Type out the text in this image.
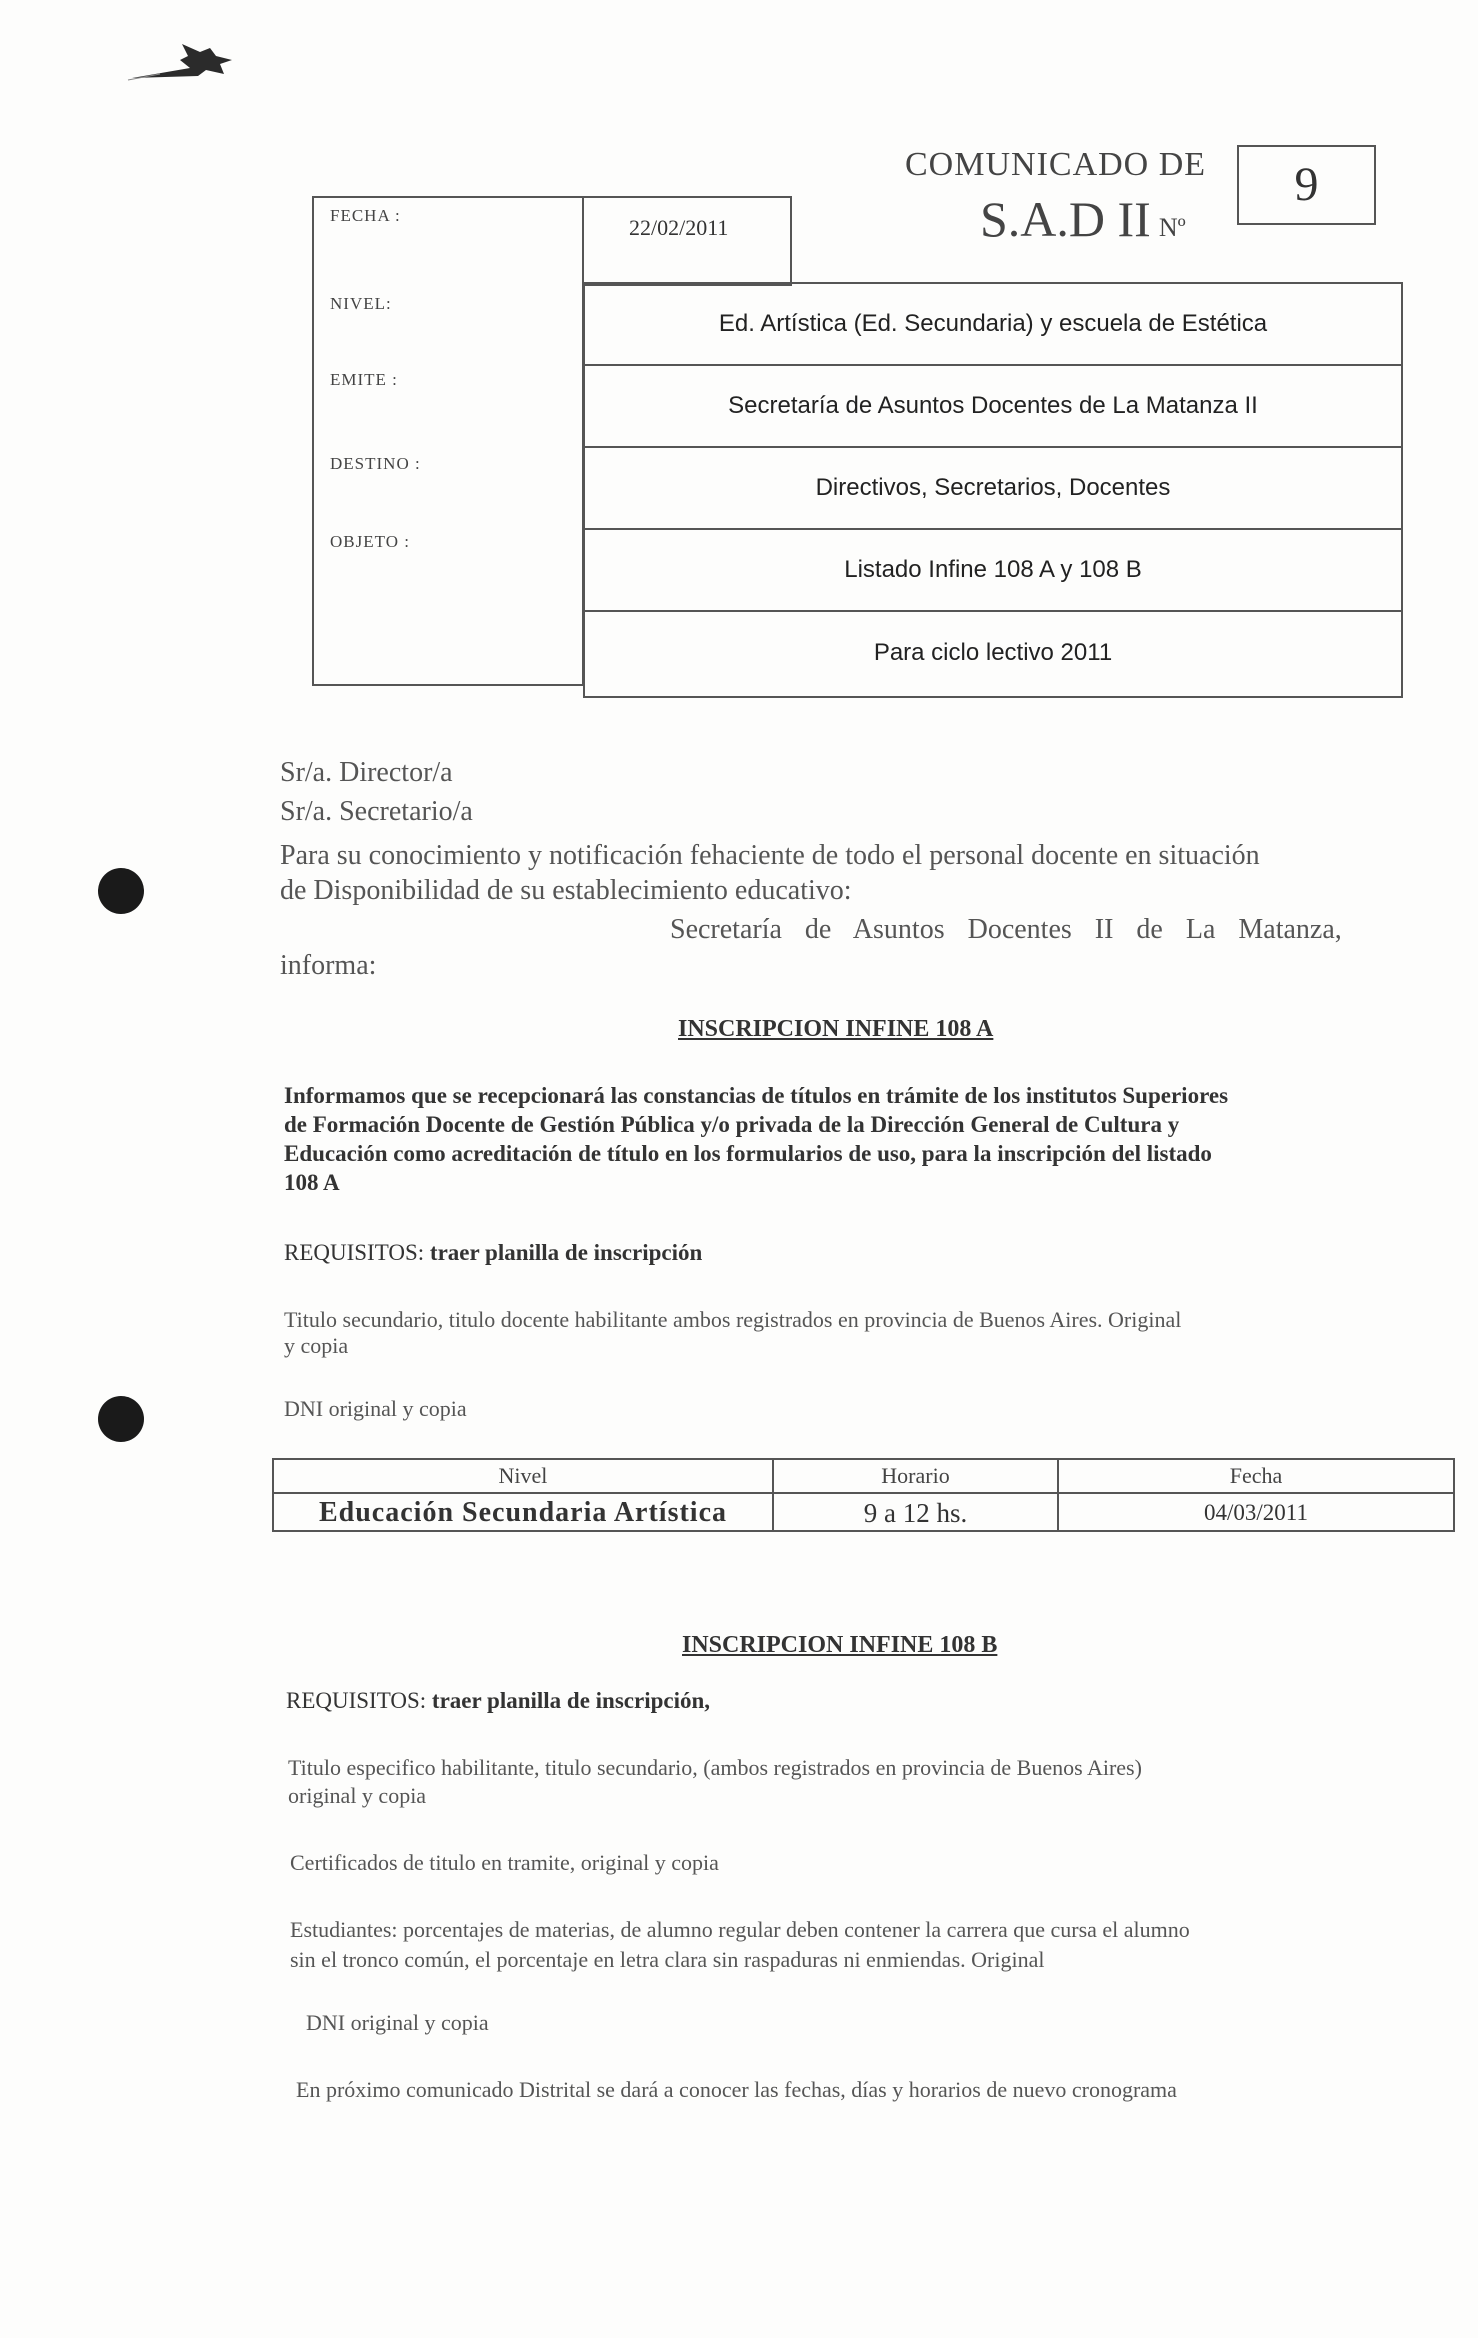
COMUNICADO DE
S.A.D II Nº
9
FECHA :
NIVEL:
EMITE :
DESTINO :
OBJETO :
22/02/2011
Ed. Artística (Ed. Secundaria) y escuela de Estética
Secretaría de Asuntos Docentes de La Matanza II
Directivos, Secretarios, Docentes
Listado Infine 108 A y 108 B
Para ciclo lectivo 2011
Sr/a. Director/a
Sr/a. Secretario/a
Para su conocimiento y notificación fehaciente de todo el personal docente en situación
de Disponibilidad de su establecimiento educativo:
Secretaría de Asuntos Docentes II de La Matanza,
informa:
INSCRIPCION INFINE 108 A
Informamos que se recepcionará las constancias de títulos en trámite de los institutos Superiores
de Formación Docente de Gestión Pública y/o privada de la Dirección General de Cultura y
Educación como acreditación de título en los formularios de uso, para la inscripción del listado
108 A
REQUISITOS: traer planilla de inscripción
Titulo secundario, titulo docente habilitante ambos registrados en provincia de Buenos Aires. Original
y copia
DNI original y copia
Nivel
Educación Secundaria Artística
Horario
9 a 12 hs.
Fecha
04/03/2011
INSCRIPCION INFINE 108 B
REQUISITOS: traer planilla de inscripción,
Titulo especifico habilitante, titulo secundario, (ambos registrados en provincia de Buenos Aires)
original y copia
Certificados de titulo en tramite, original y copia
Estudiantes: porcentajes de materias, de alumno regular deben contener la carrera que cursa el alumno
sin el tronco común, el porcentaje en letra clara sin raspaduras ni enmiendas. Original
DNI original y copia
En próximo comunicado Distrital se dará a conocer las fechas, días y horarios de nuevo cronograma
